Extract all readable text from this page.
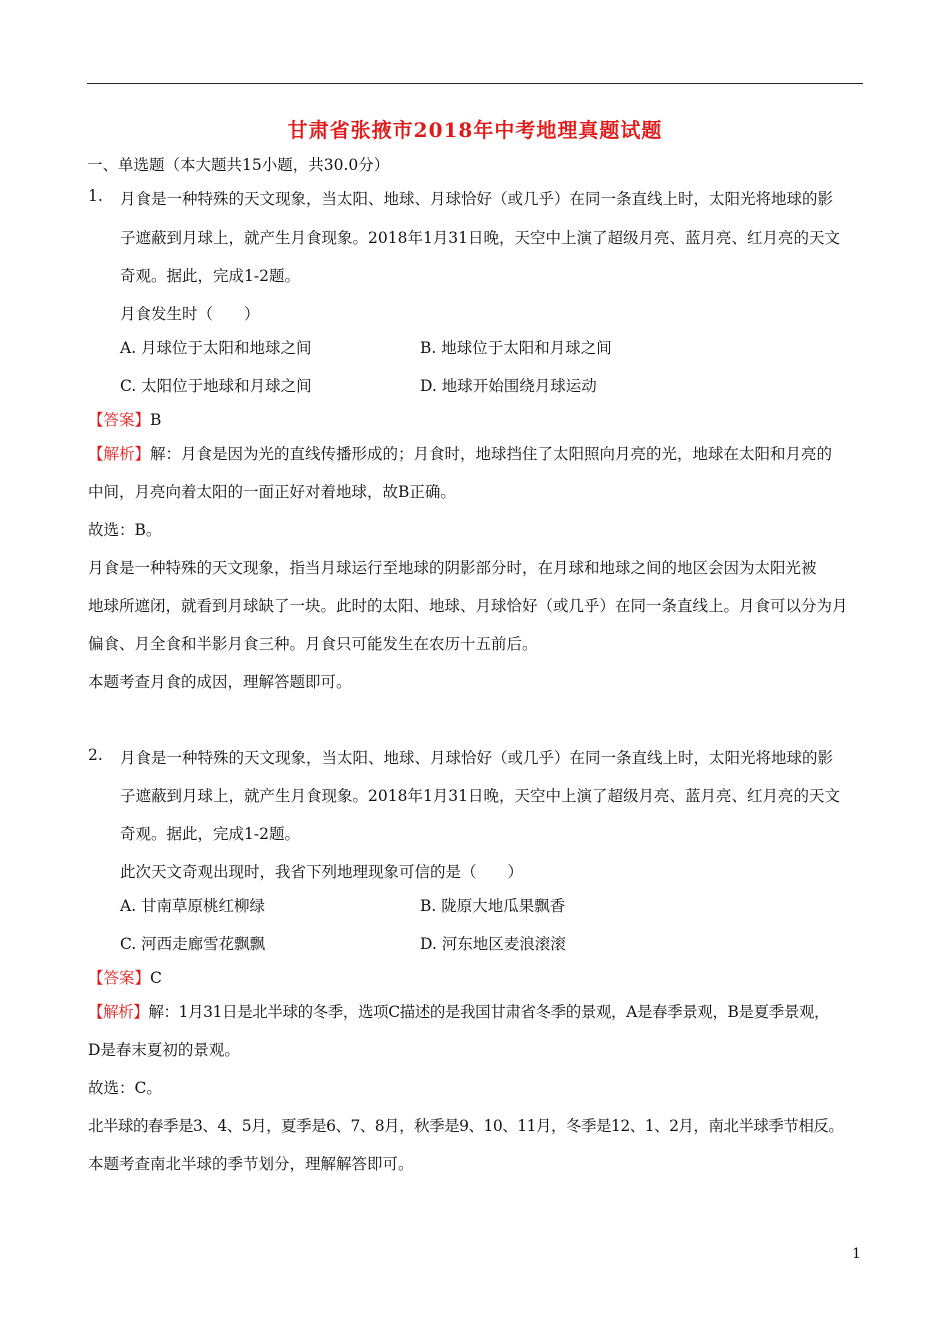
甘肃省张掖市2018年中考地理真题试题
一、单选题（本大题共15小题，共30.0分）
1. 月食是一种特殊的天文现象，当太阳、地球、月球恰好（或几乎）在同一条直线上时，太阳光将地球的影
子遮蔽到月球上，就产生月食现象。2018年1月31日晚，天空中上演了超级月亮、蓝月亮、红月亮的天文
奇观。据此，完成1-2题。
月食发生时（　　）
A. 月球位于太阳和地球之间	B. 地球位于太阳和月球之间
C. 太阳位于地球和月球之间	D. 地球开始围绕月球运动
【答案】B
【解析】解：月食是因为光的直线传播形成的；月食时，地球挡住了太阳照向月亮的光，地球在太阳和月亮的
中间，月亮向着太阳的一面正好对着地球，故B正确。
故选：B。
月食是一种特殊的天文现象，指当月球运行至地球的阴影部分时，在月球和地球之间的地区会因为太阳光被
地球所遮闭，就看到月球缺了一块。此时的太阳、地球、月球恰好（或几乎）在同一条直线上。月食可以分为月
偏食、月全食和半影月食三种。月食只可能发生在农历十五前后。
本题考查月食的成因，理解答题即可。
2. 月食是一种特殊的天文现象，当太阳、地球、月球恰好（或几乎）在同一条直线上时，太阳光将地球的影
子遮蔽到月球上，就产生月食现象。2018年1月31日晚，天空中上演了超级月亮、蓝月亮、红月亮的天文
奇观。据此，完成1-2题。
此次天文奇观出现时，我省下列地理现象可信的是（　　）
A. 甘南草原桃红柳绿	B. 陇原大地瓜果飘香
C. 河西走廊雪花飘飘	D. 河东地区麦浪滚滚
【答案】C
【解析】解：1月31日是北半球的冬季，选项C描述的是我国甘肃省冬季的景观，A是春季景观，B是夏季景观，
D是春末夏初的景观。
故选：C。
北半球的春季是3、4、5月，夏季是6、7、8月，秋季是9、10、11月，冬季是12、1、2月，南北半球季节相反。
本题考查南北半球的季节划分，理解解答即可。
1
